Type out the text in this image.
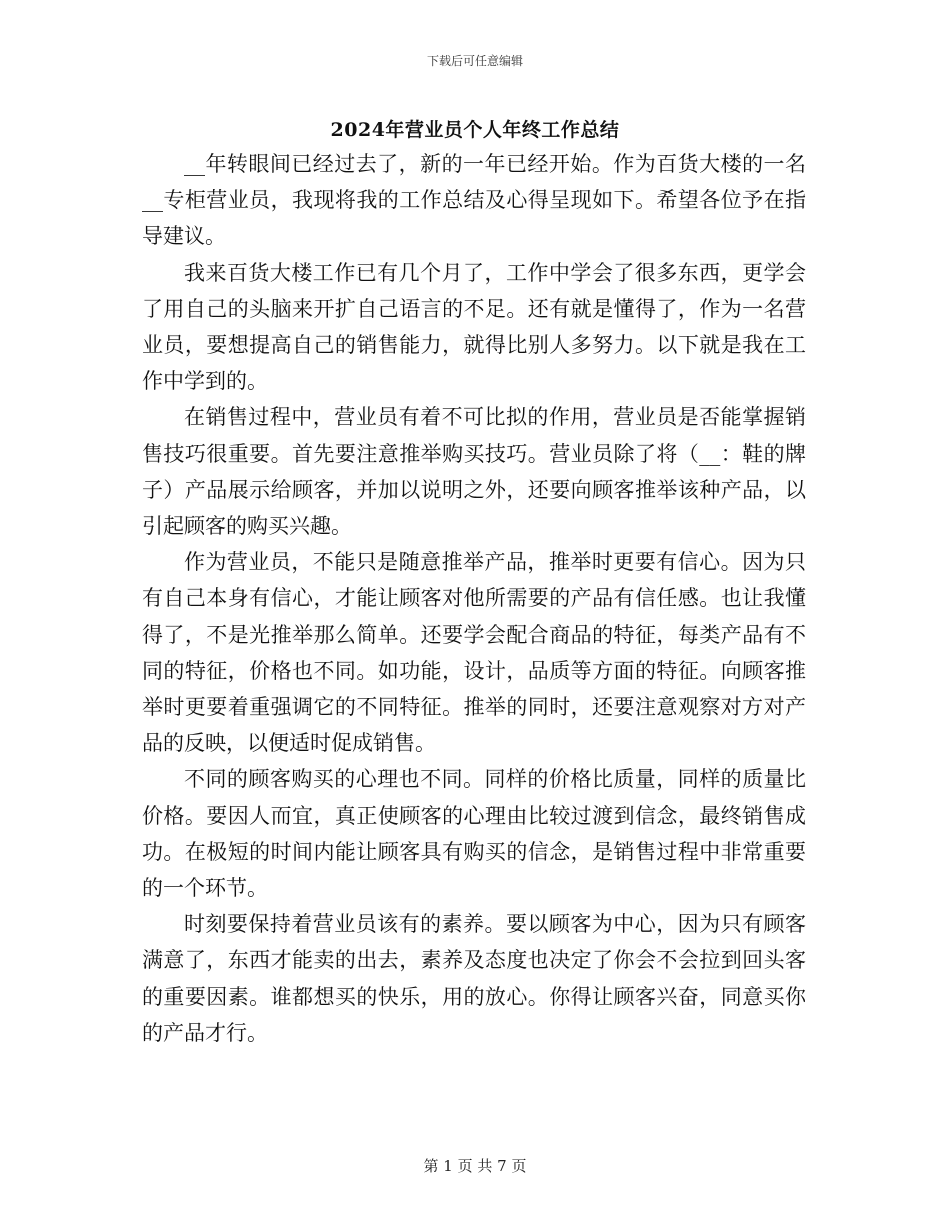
下载后可任意编辑
2024年营业员个人年终工作总结

__年转眼间已经过去了，新的一年已经开始。作为百货大楼的一名__专柜营业员，我现将我的工作总结及心得呈现如下。希望各位予在指导建议。

我来百货大楼工作已有几个月了，工作中学会了很多东西，更学会了用自己的头脑来开扩自己语言的不足。还有就是懂得了，作为一名营业员，要想提高自己的销售能力，就得比别人多努力。以下就是我在工作中学到的。

在销售过程中，营业员有着不可比拟的作用，营业员是否能掌握销售技巧很重要。首先要注意推举购买技巧。营业员除了将（__：鞋的牌子）产品展示给顾客，并加以说明之外，还要向顾客推举该种产品，以引起顾客的购买兴趣。

作为营业员，不能只是随意推举产品，推举时更要有信心。因为只有自己本身有信心，才能让顾客对他所需要的产品有信任感。也让我懂得了，不是光推举那么简单。还要学会配合商品的特征，每类产品有不同的特征，价格也不同。如功能，设计，品质等方面的特征。向顾客推举时更要着重强调它的不同特征。推举的同时，还要注意观察对方对产品的反映，以便适时促成销售。

不同的顾客购买的心理也不同。同样的价格比质量，同样的质量比价格。要因人而宜，真正使顾客的心理由比较过渡到信念，最终销售成功。在极短的时间内能让顾客具有购买的信念，是销售过程中非常重要的一个环节。

时刻要保持着营业员该有的素养。要以顾客为中心，因为只有顾客满意了，东西才能卖的出去，素养及态度也决定了你会不会拉到回头客的重要因素。谁都想买的快乐，用的放心。你得让顾客兴奋，同意买你的产品才行。

第 1 页 共 7 页
